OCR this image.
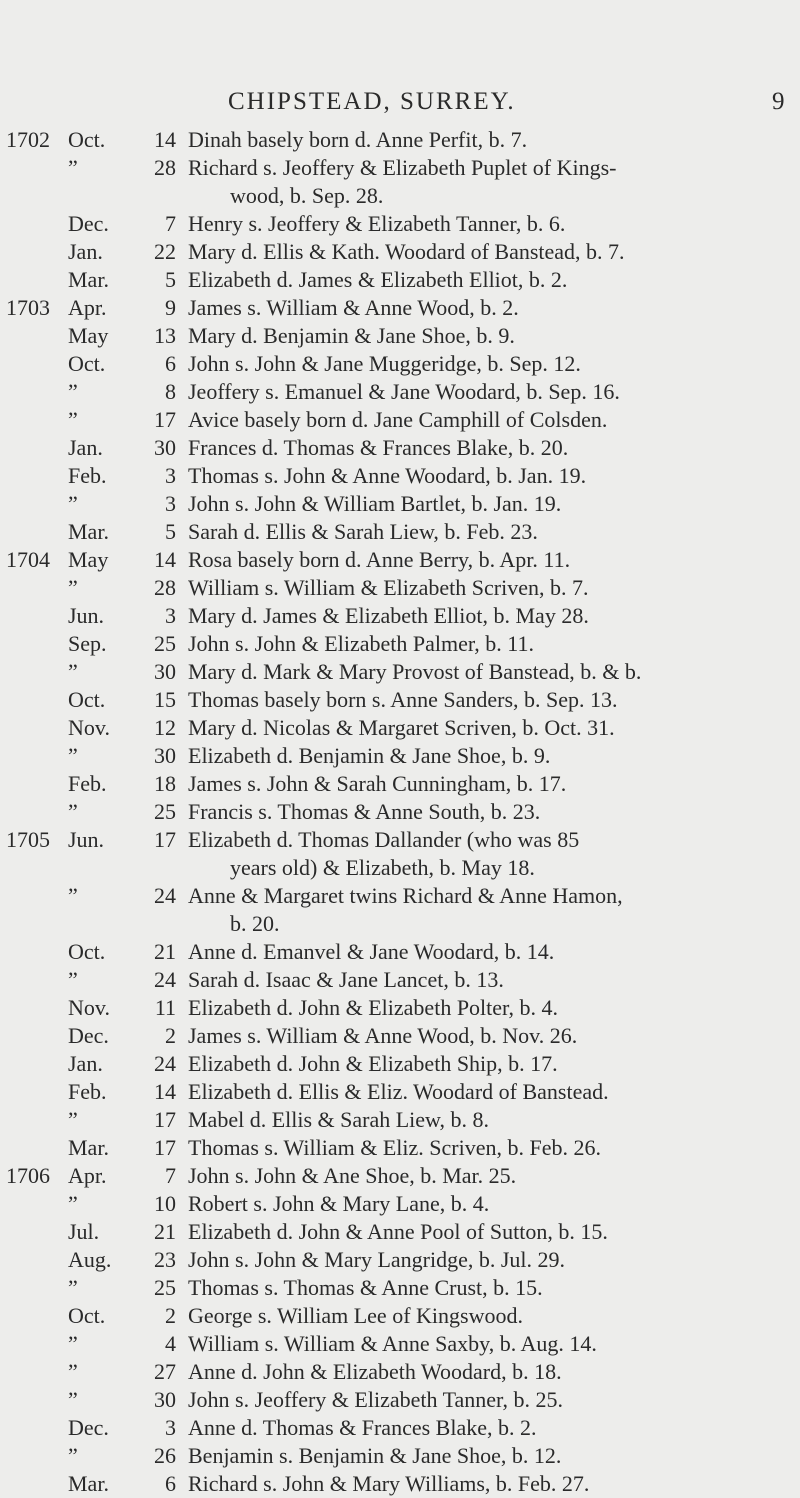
CHIPSTEAD, SURREY.	9
1702 Oct.	14 Dinah basely born d. Anne Perfit, b. 7.
”	28 Richard s. Jeoffery & Elizabeth Puplet of Kings-
wood, b. Sep. 28.
Dec.	7 Henry s. Jeoffery & Elizabeth Tanner, b. 6.
Jan.	22 Mary d. Ellis & Kath. Woodard of Banstead, b. 7.
Mar.	5 Elizabeth d. James & Elizabeth Elliot, b. 2.
1703 Apr.	9 James s. William & Anne Wood, b. 2.
May	13 Mary d. Benjamin & Jane Shoe, b. 9.
Oct.	6 John s. John & Jane Muggeridge, b. Sep. 12.
”	8 Jeoffery s. Emanuel & Jane Woodard, b. Sep. 16.
”	17 Avice basely born d. Jane Camphill of Colsden.
Jan.	30 Frances d. Thomas & Frances Blake, b. 20.
Feb.	3 Thomas s. John & Anne Woodard, b. Jan. 19.
”	3 John s. John & William Bartlet, b. Jan. 19.
Mar.	5 Sarah d. Ellis & Sarah Liew, b. Feb. 23.
1704 May	14 Rosa basely born d. Anne Berry, b. Apr. 11.
”	28 William s. William & Elizabeth Scriven, b. 7.
Jun.	3 Mary d. James & Elizabeth Elliot, b. May 28.
Sep.	25 John s. John & Elizabeth Palmer, b. 11.
”	30 Mary d. Mark & Mary Provost of Banstead, b. & b.
Oct.	15 Thomas basely born s. Anne Sanders, b. Sep. 13.
Nov.	12 Mary d. Nicolas & Margaret Scriven, b. Oct. 31.
”	30 Elizabeth d. Benjamin & Jane Shoe, b. 9.
Feb.	18 James s. John & Sarah Cunningham, b. 17.
”	25 Francis s. Thomas & Anne South, b. 23.
1705 Jun.	17 Elizabeth d. Thomas Dallander (who was 85
years old) & Elizabeth, b. May 18.
”	24 Anne & Margaret twins Richard & Anne Hamon,
b. 20.
Oct.	21 Anne d. Emanvel & Jane Woodard, b. 14.
”	24 Sarah d. Isaac & Jane Lancet, b. 13.
Nov.	11 Elizabeth d. John & Elizabeth Polter, b. 4.
Dec.	2 James s. William & Anne Wood, b. Nov. 26.
Jan.	24 Elizabeth d. John & Elizabeth Ship, b. 17.
Feb.	14 Elizabeth d. Ellis & Eliz. Woodard of Banstead.
”	17 Mabel d. Ellis & Sarah Liew, b. 8.
Mar.	17 Thomas s. William & Eliz. Scriven, b. Feb. 26.
1706 Apr.	7 John s. John & Ane Shoe, b. Mar. 25.
”	10 Robert s. John & Mary Lane, b. 4.
Jul.	21 Elizabeth d. John & Anne Pool of Sutton, b. 15.
Aug.	23 John s. John & Mary Langridge, b. Jul. 29.
”	25 Thomas s. Thomas & Anne Crust, b. 15.
Oct.	2 George s. William Lee of Kingswood.
”	4 William s. William & Anne Saxby, b. Aug. 14.
”	27 Anne d. John & Elizabeth Woodard, b. 18.
”	30 John s. Jeoffery & Elizabeth Tanner, b. 25.
Dec.	3 Anne d. Thomas & Frances Blake, b. 2.
”	26 Benjamin s. Benjamin & Jane Shoe, b. 12.
Mar.	6 Richard s. John & Mary Williams, b. Feb. 27.
